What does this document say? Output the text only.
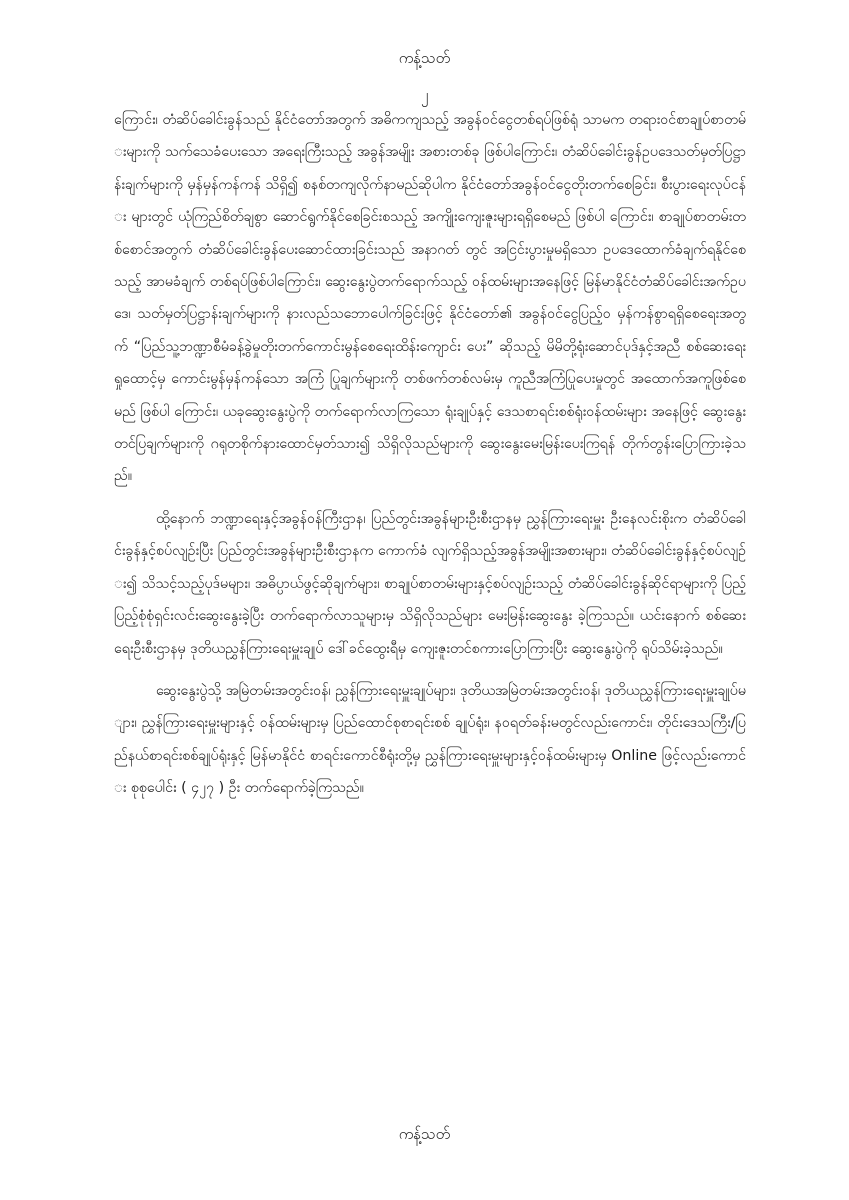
ကန့်သတ်
၂

ကြောင်း၊ တံဆိပ်ခေါင်းခွန်သည် နိုင်ငံတော်အတွက် အဓိကကျသည့် အခွန်ဝင်ငွေတစ်ရပ်ဖြစ်ရုံ သာမက တရားဝင်စာချုပ်စာတမ်းများကို သက်သေခံပေးသော အရေးကြီးသည့် အခွန်အမျိုး အစားတစ်ခု ဖြစ်ပါကြောင်း၊ တံဆိပ်ခေါင်းခွန်ဥပဒေသတ်မှတ်ပြဋ္ဌာန်းချက်များကို မှန်မှန်ကန်ကန် သိရှိ၍ စနစ်တကျလိုက်နာမည်ဆိုပါက နိုင်ငံတော်အခွန်ဝင်ငွေတိုးတက်စေခြင်း၊ စီးပွားရေးလုပ်ငန်း များတွင် ယုံကြည်စိတ်ချစွာ ဆောင်ရွက်နိုင်စေခြင်းစသည့် အကျိုးကျေးဇူးများရရှိစေမည် ဖြစ်ပါ ကြောင်း၊ စာချုပ်စာတမ်းတစ်စောင်အတွက် တံဆိပ်ခေါင်းခွန်ပေးဆောင်ထားခြင်းသည် အနာဂတ် တွင် အငြင်းပွားမှုမရှိသော ဥပဒေထောက်ခံချက်ရနိုင်စေသည့် အာမခံချက် တစ်ရပ်ဖြစ်ပါကြောင်း၊ ဆွေးနွေးပွဲတက်ရောက်သည့် ဝန်ထမ်းများအနေဖြင့် မြန်မာနိုင်ငံတံဆိပ်ခေါင်းအက်ဥပဒေ၊ သတ်မှတ်ပြဋ္ဌာန်းချက်များကို နားလည်သဘောပေါက်ခြင်းဖြင့် နိုင်ငံတော်၏ အခွန်ဝင်ငွေပြည့်ဝ မှန်ကန်စွာရရှိစေရေးအတွက် “ပြည်သူ့ဘဏ္ဍာစီမံခန့်ခွဲမှုတိုးတက်ကောင်းမွန်စေရေးထိန်းကျောင်း ပေး” ဆိုသည့် မိမိတို့ရုံးဆောင်ပုဒ်နှင့်အညီ စစ်ဆေးရေးရှုထောင့်မှ ကောင်းမွန်မှန်ကန်သော အကြံ ပြုချက်များကို တစ်ဖက်တစ်လမ်းမှ ကူညီအကြံပြုပေးမှုတွင် အထောက်အကူဖြစ်စေမည် ဖြစ်ပါ ကြောင်း၊ ယခုဆွေးနွေးပွဲကို တက်ရောက်လာကြသော ရုံးချုပ်နှင့် ဒေသစာရင်းစစ်ရုံးဝန်ထမ်းများ အနေဖြင့် ဆွေးနွေးတင်ပြချက်များကို ဂရုတစိုက်နားထောင်မှတ်သား၍ သိရှိလိုသည်များကို ဆွေးနွေးမေးမြန်းပေးကြရန် တိုက်တွန်းပြောကြားခဲ့သည်။

ထို့နောက် ဘဏ္ဍာရေးနှင့်အခွန်ဝန်ကြီးဌာန၊ ပြည်တွင်းအခွန်များဦးစီးဌာနမှ ညွှန်ကြားရေးမှူး ဦးနေလင်းစိုးက တံဆိပ်ခေါင်းခွန်နှင့်စပ်လျဉ်းပြီး ပြည်တွင်းအခွန်များဦးစီးဌာနက ကောက်ခံ လျက်ရှိသည့်အခွန်အမျိုးအစားများ၊ တံဆိပ်ခေါင်းခွန်နှင့်စပ်လျဉ်း၍ သိသင့်သည့်ပုဒ်မများ၊ အဓိပ္ပာယ်ဖွင့်ဆိုချက်များ၊ စာချုပ်စာတမ်းများနှင့်စပ်လျဉ်းသည့် တံဆိပ်ခေါင်းခွန်ဆိုင်ရာများကို ပြည့်ပြည့်စုံစုံရှင်းလင်းဆွေးနွေးခဲ့ပြီး တက်ရောက်လာသူများမှ သိရှိလိုသည်များ မေးမြန်းဆွေးနွေး ခဲ့ကြသည်။ ယင်းနောက် စစ်ဆေးရေးဦးစီးဌာနမှ ဒုတိယညွှန်ကြားရေးမှူးချုပ် ဒေါ်ခင်ထွေးရီမှ ကျေးဇူးတင်စကားပြောကြားပြီး ဆွေးနွေးပွဲကို ရုပ်သိမ်းခဲ့သည်။

ဆွေးနွေးပွဲသို့ အမြဲတမ်းအတွင်းဝန်၊ ညွှန်ကြားရေးမှူးချုပ်များ၊ ဒုတိယအမြဲတမ်းအတွင်းဝန်၊ ဒုတိယညွှန်ကြားရေးမှူးချုပ်များ၊ ညွှန်ကြားရေးမှူးများနှင့် ဝန်ထမ်းများမှ ပြည်ထောင်စုစာရင်းစစ် ချုပ်ရုံး၊ နဝရတ်ခန်းမတွင်လည်းကောင်း၊ တိုင်းဒေသကြီး/ပြည်နယ်စာရင်းစစ်ချုပ်ရုံးနှင့် မြန်မာနိုင်ငံ စာရင်းကောင်စီရုံးတို့မှ ညွှန်ကြားရေးမှူးများနှင့်ဝန်ထမ်းများမှ Online ဖြင့်လည်းကောင်း စုစုပေါင်း ( ၄၂၇ ) ဦး တက်ရောက်ခဲ့ကြသည်။

ကန့်သတ်
